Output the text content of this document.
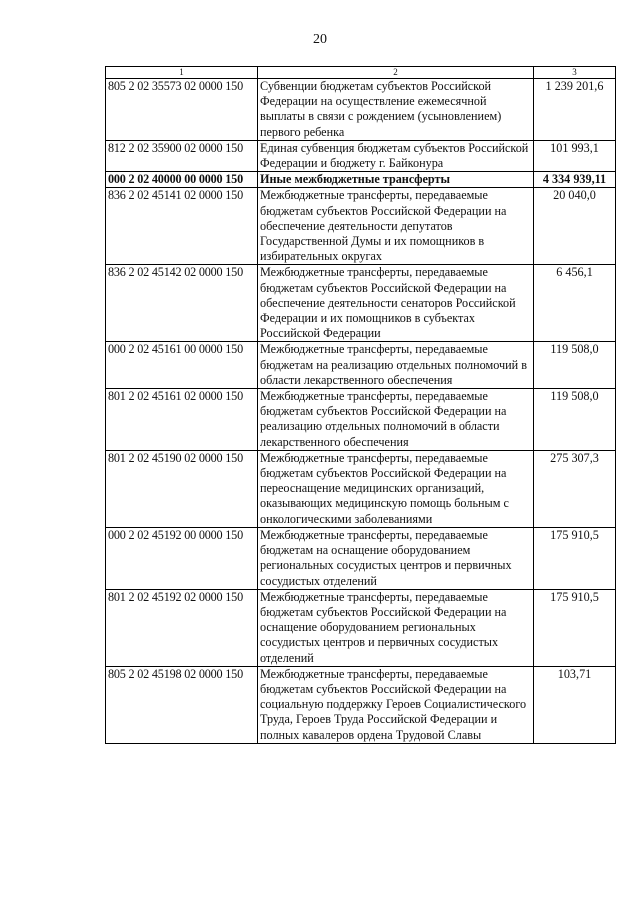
20
1	2	3
805 2 02 35573 02 0000 150	Субвенции бюджетам субъектов Российской Федерации на осуществление ежемесячной выплаты в связи с рождением (усыновлением) первого ребенка	1 239 201,6
812 2 02 35900 02 0000 150	Единая субвенция бюджетам субъектов Российской Федерации и бюджету г. Байконура	101 993,1
000 2 02 40000 00 0000 150	Иные межбюджетные трансферты	4 334 939,11
836 2 02 45141 02 0000 150	Межбюджетные трансферты, передаваемые бюджетам субъектов Российской Федерации на обеспечение деятельности депутатов Государственной Думы и их помощников в избирательных округах	20 040,0
836 2 02 45142 02 0000 150	Межбюджетные трансферты, передаваемые бюджетам субъектов Российской Федерации на обеспечение деятельности сенаторов Российской Федерации и их помощников в субъектах Российской Федерации	6 456,1
000 2 02 45161 00 0000 150	Межбюджетные трансферты, передаваемые бюджетам на реализацию отдельных полномочий в области лекарственного обеспечения	119 508,0
801 2 02 45161 02 0000 150	Межбюджетные трансферты, передаваемые бюджетам субъектов Российской Федерации на реализацию отдельных полномочий в области лекарственного обеспечения	119 508,0
801 2 02 45190 02 0000 150	Межбюджетные трансферты, передаваемые бюджетам субъектов Российской Федерации на переоснащение медицинских организаций, оказывающих медицинскую помощь больным с онкологическими заболеваниями	275 307,3
000 2 02 45192 00 0000 150	Межбюджетные трансферты, передаваемые бюджетам на оснащение оборудованием региональных сосудистых центров и первичных сосудистых отделений	175 910,5
801 2 02 45192 02 0000 150	Межбюджетные трансферты, передаваемые бюджетам субъектов Российской Федерации на оснащение оборудованием региональных сосудистых центров и первичных сосудистых отделений	175 910,5
805 2 02 45198 02 0000 150	Межбюджетные трансферты, передаваемые бюджетам субъектов Российской Федерации на социальную поддержку Героев Социалистического Труда, Героев Труда Российской Федерации и полных кавалеров ордена Трудовой Славы	103,71
